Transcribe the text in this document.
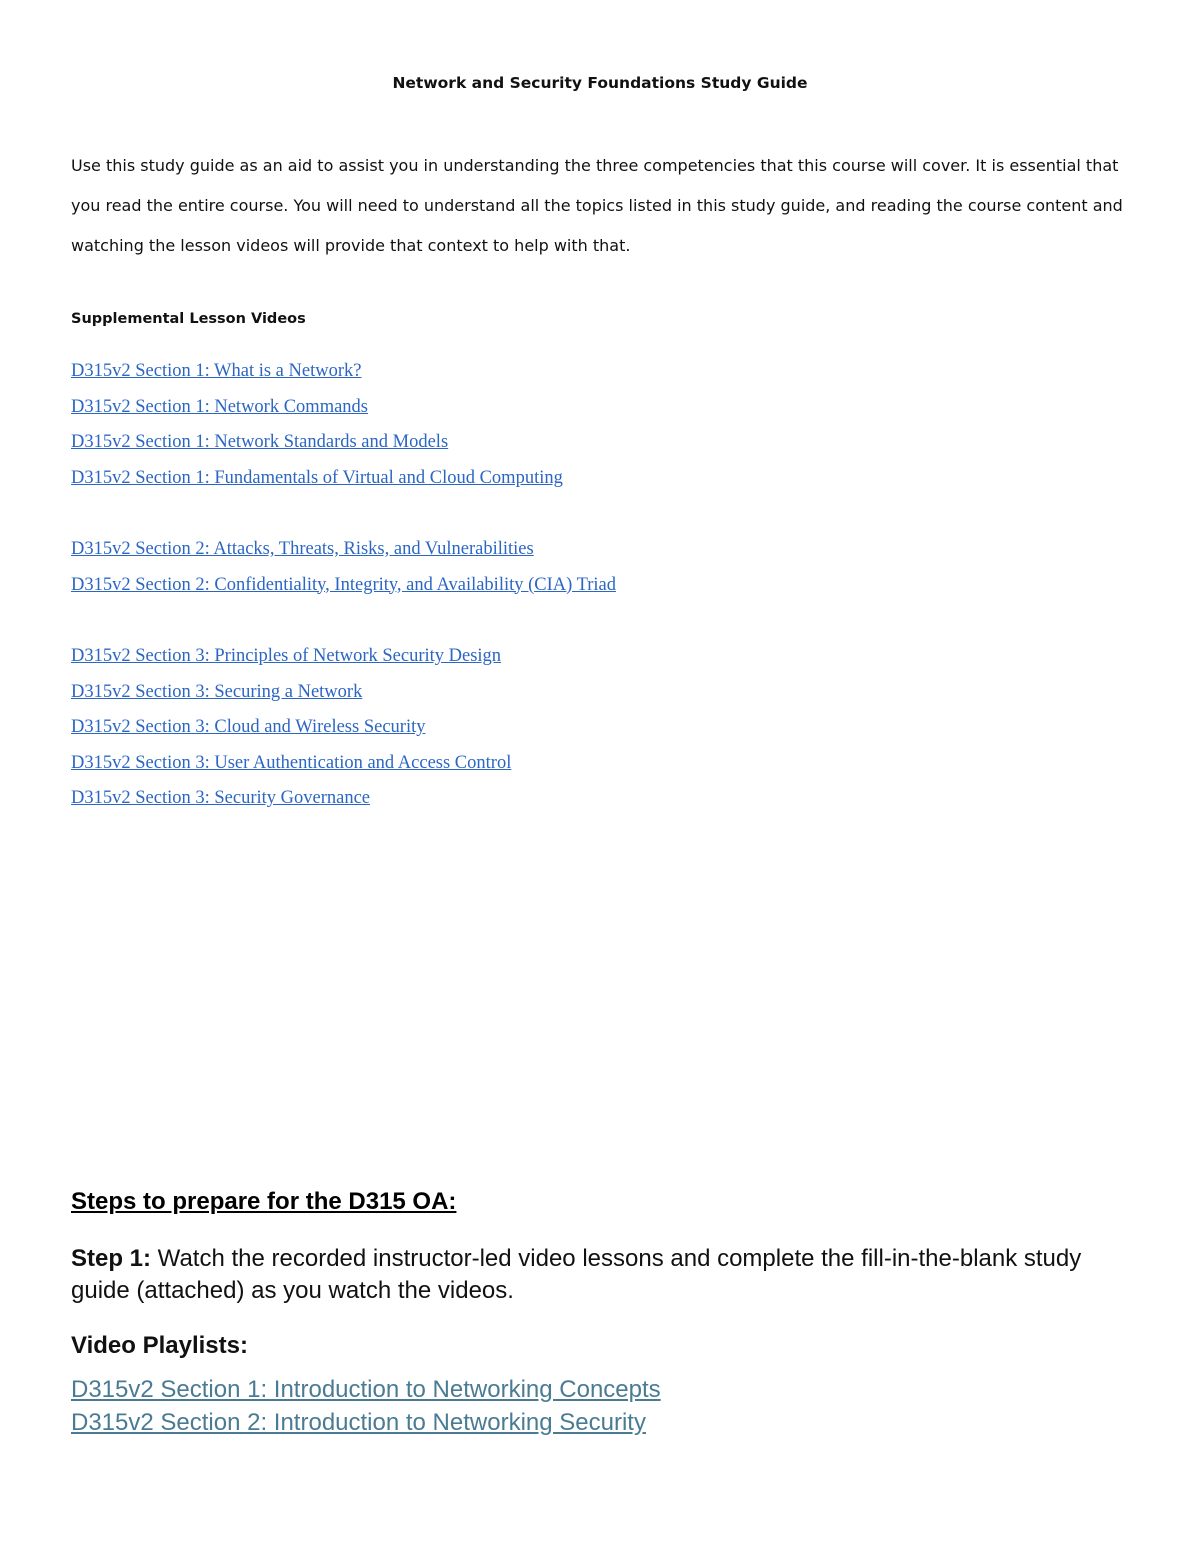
Network and Security Foundations Study Guide

Use this study guide as an aid to assist you in understanding the three competencies that this course will cover. It is essential that you read the entire course. You will need to understand all the topics listed in this study guide, and reading the course content and watching the lesson videos will provide that context to help with that.

Supplemental Lesson Videos
D315v2 Section 1: What is a Network?
D315v2 Section 1: Network Commands
D315v2 Section 1: Network Standards and Models
D315v2 Section 1: Fundamentals of Virtual and Cloud Computing
D315v2 Section 2: Attacks, Threats, Risks, and Vulnerabilities
D315v2 Section 2: Confidentiality, Integrity, and Availability (CIA) Triad
D315v2 Section 3: Principles of Network Security Design
D315v2 Section 3: Securing a Network
D315v2 Section 3: Cloud and Wireless Security
D315v2 Section 3: User Authentication and Access Control
D315v2 Section 3: Security Governance
Steps to prepare for the D315 OA:

Step 1: Watch the recorded instructor-led video lessons and complete the fill-in-the-blank study guide (attached) as you watch the videos.

Video Playlists:
D315v2 Section 1: Introduction to Networking Concepts
D315v2 Section 2: Introduction to Networking Security
